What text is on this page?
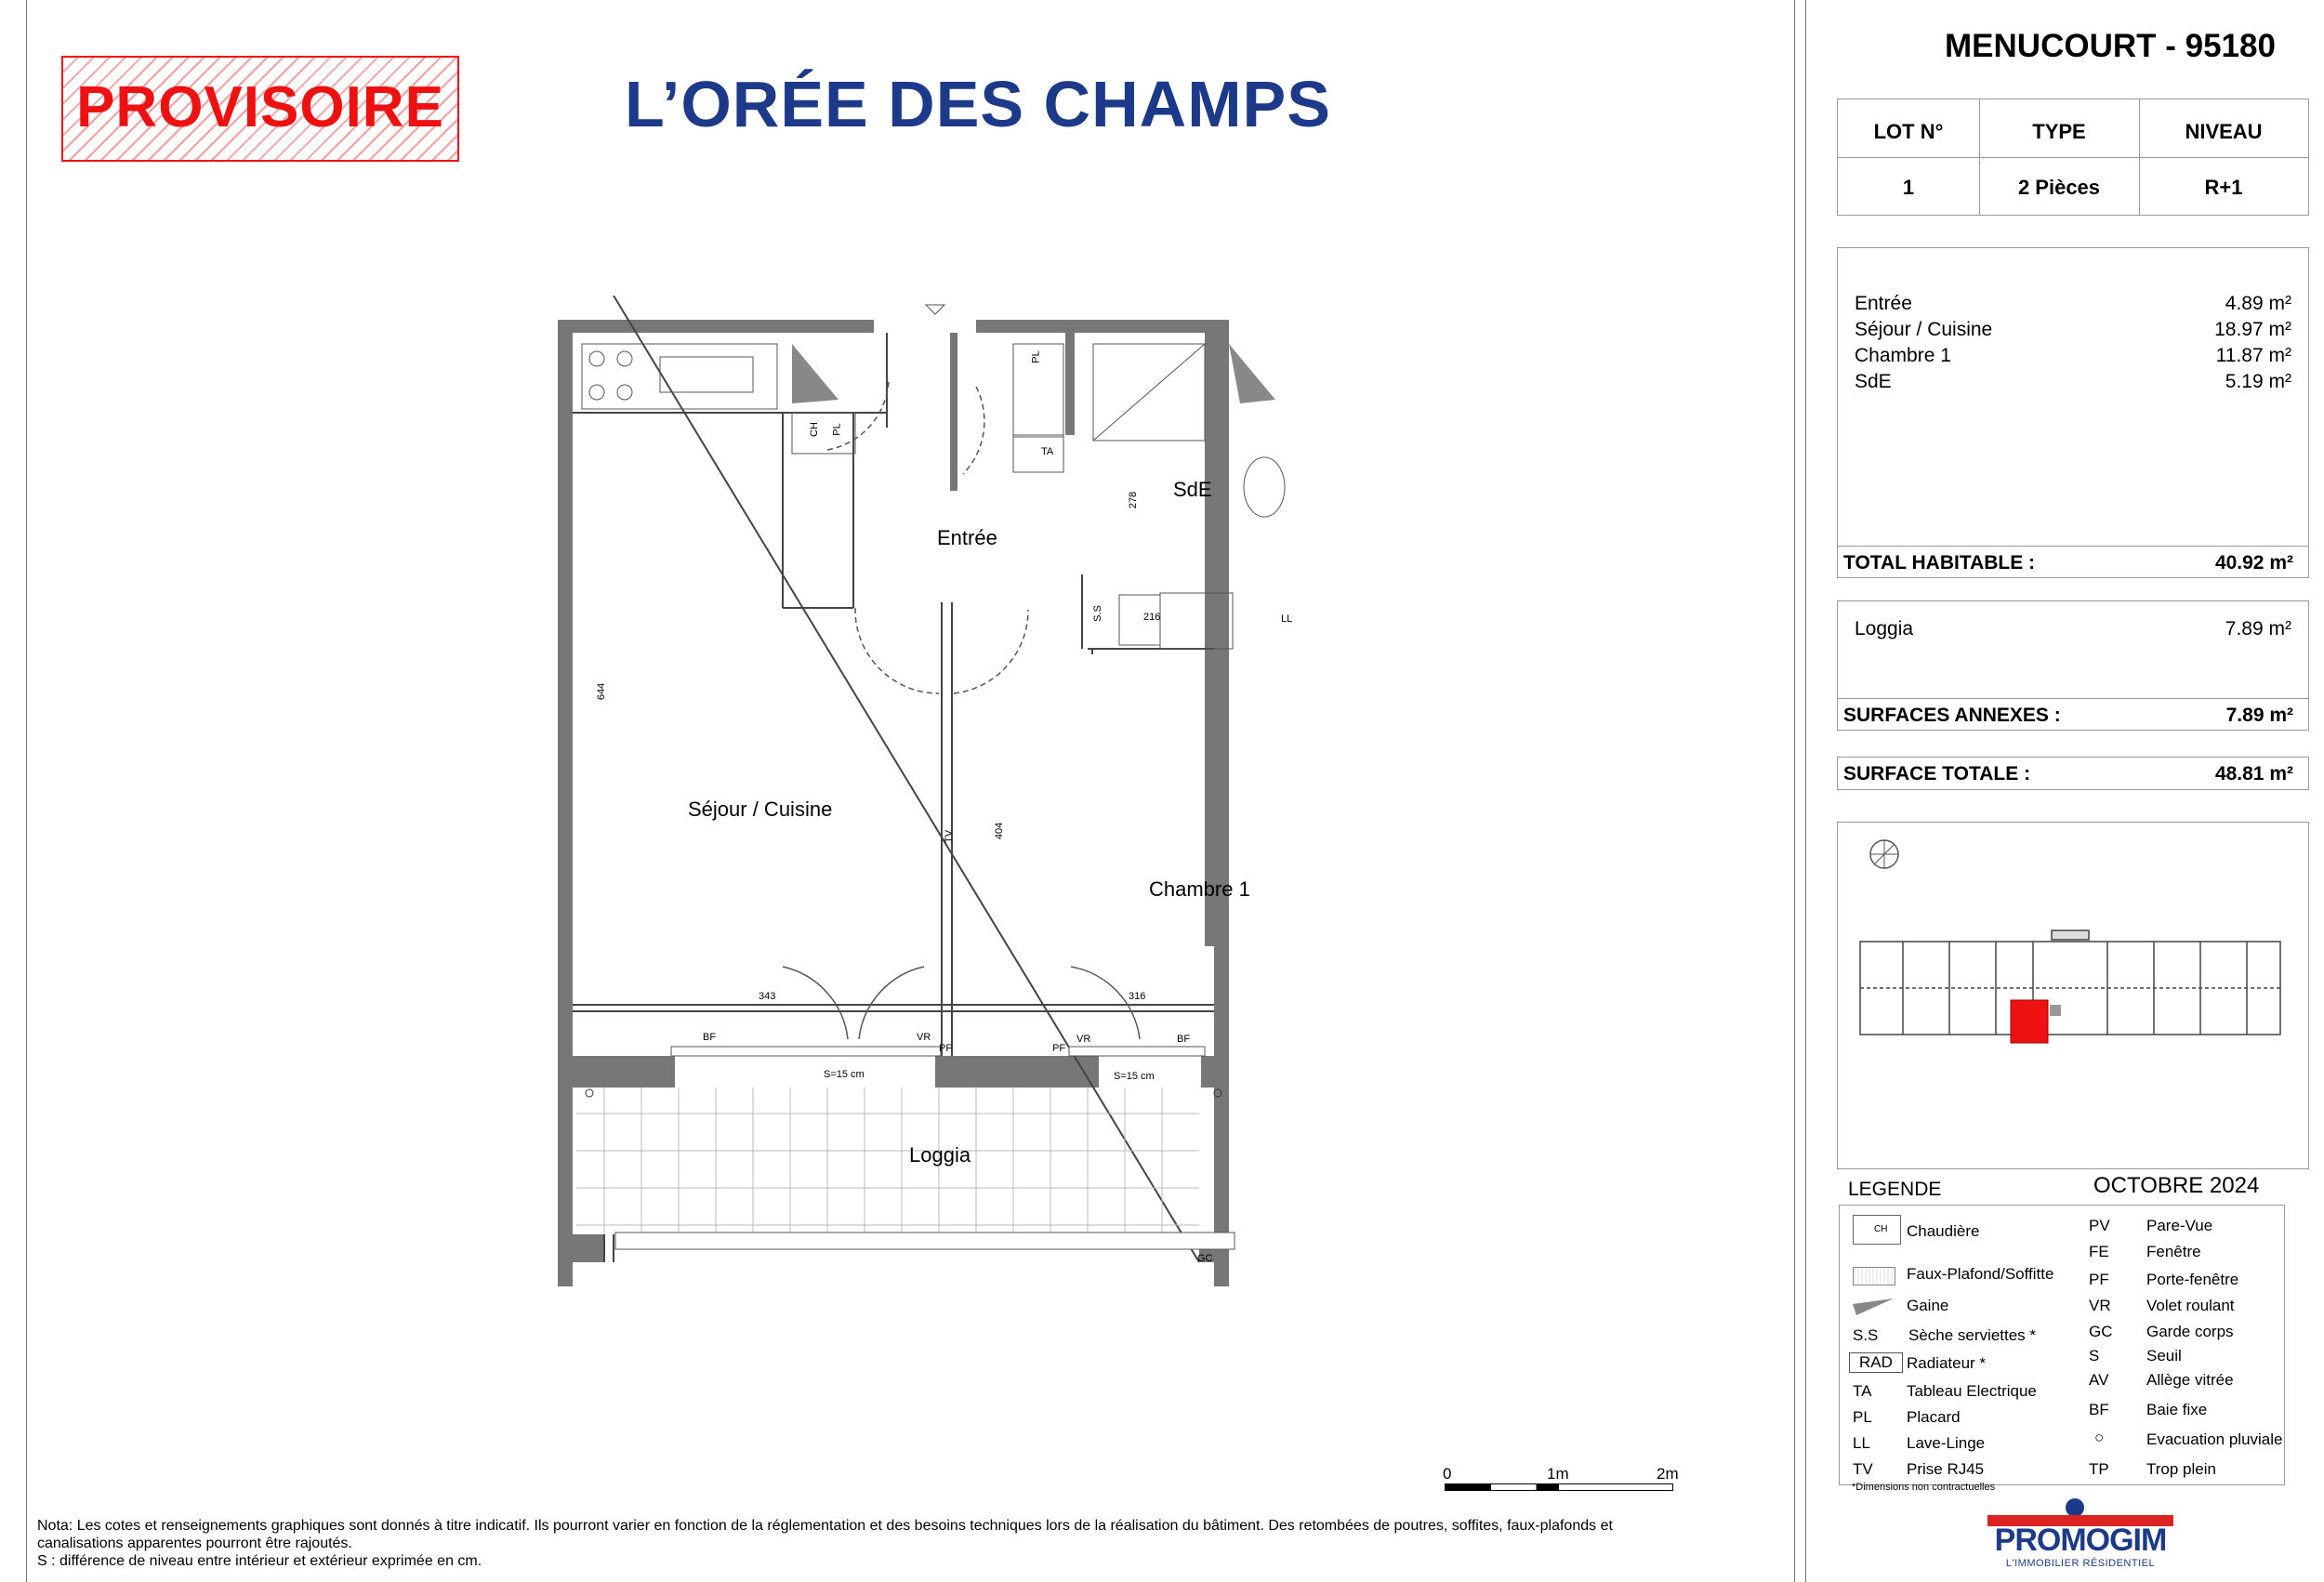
PROVISOIRE	L’ORÉE DES CHAMPS
MENUCOURT - 95180
LOT N°	TYPE	NIVEAU
1	2 Pièces	R+1
Entrée	4.89 m²
Séjour / Cuisine	18.97 m²
Chambre 1	11.87 m²
SdE	5.19 m²
TOTAL HABITABLE :	40.92 m²
Loggia	7.89 m²
SURFACES ANNEXES :	7.89 m²
SURFACE TOTALE :	48.81 m²
LEGENDE	OCTOBRE 2024
CH Chaudière
Faux-Plafond/Soffitte
Gaine
S.S Sèche serviettes *
RAD Radiateur *
TA Tableau Electrique
PL Placard
LL Lave-Linge
TV Prise RJ45
PV Pare-Vue
FE Fenêtre
PF Porte-fenêtre
VR Volet roulant
GC Garde corps
S	Seuil
AV Allège vitrée
BF Baie fixe
○	Evacuation pluviale
TP Trop plein
*Dimensions non contractuelles
PROMOGIM
L'IMMOBILIER RÉSIDENTIEL
Entrée
SdE
Séjour / Cuisine
Chambre 1
Loggia
644
278
216
404
343	316
S=15 cm	S=15 cm
BF	VR
PF	PF
VR	BF
TA
LL
S.S
TV
PL
PL
CH
GC
0	1m	2m
Nota: Les cotes et renseignements graphiques sont donnés à titre indicatif. Ils pourront varier en fonction de la réglementation et des besoins techniques lors de la réalisation du bâtiment. Des retombées de poutres, soffites, faux-plafonds et
canalisations apparentes pourront être rajoutés.
S : différence de niveau entre intérieur et extérieur exprimée en cm.
